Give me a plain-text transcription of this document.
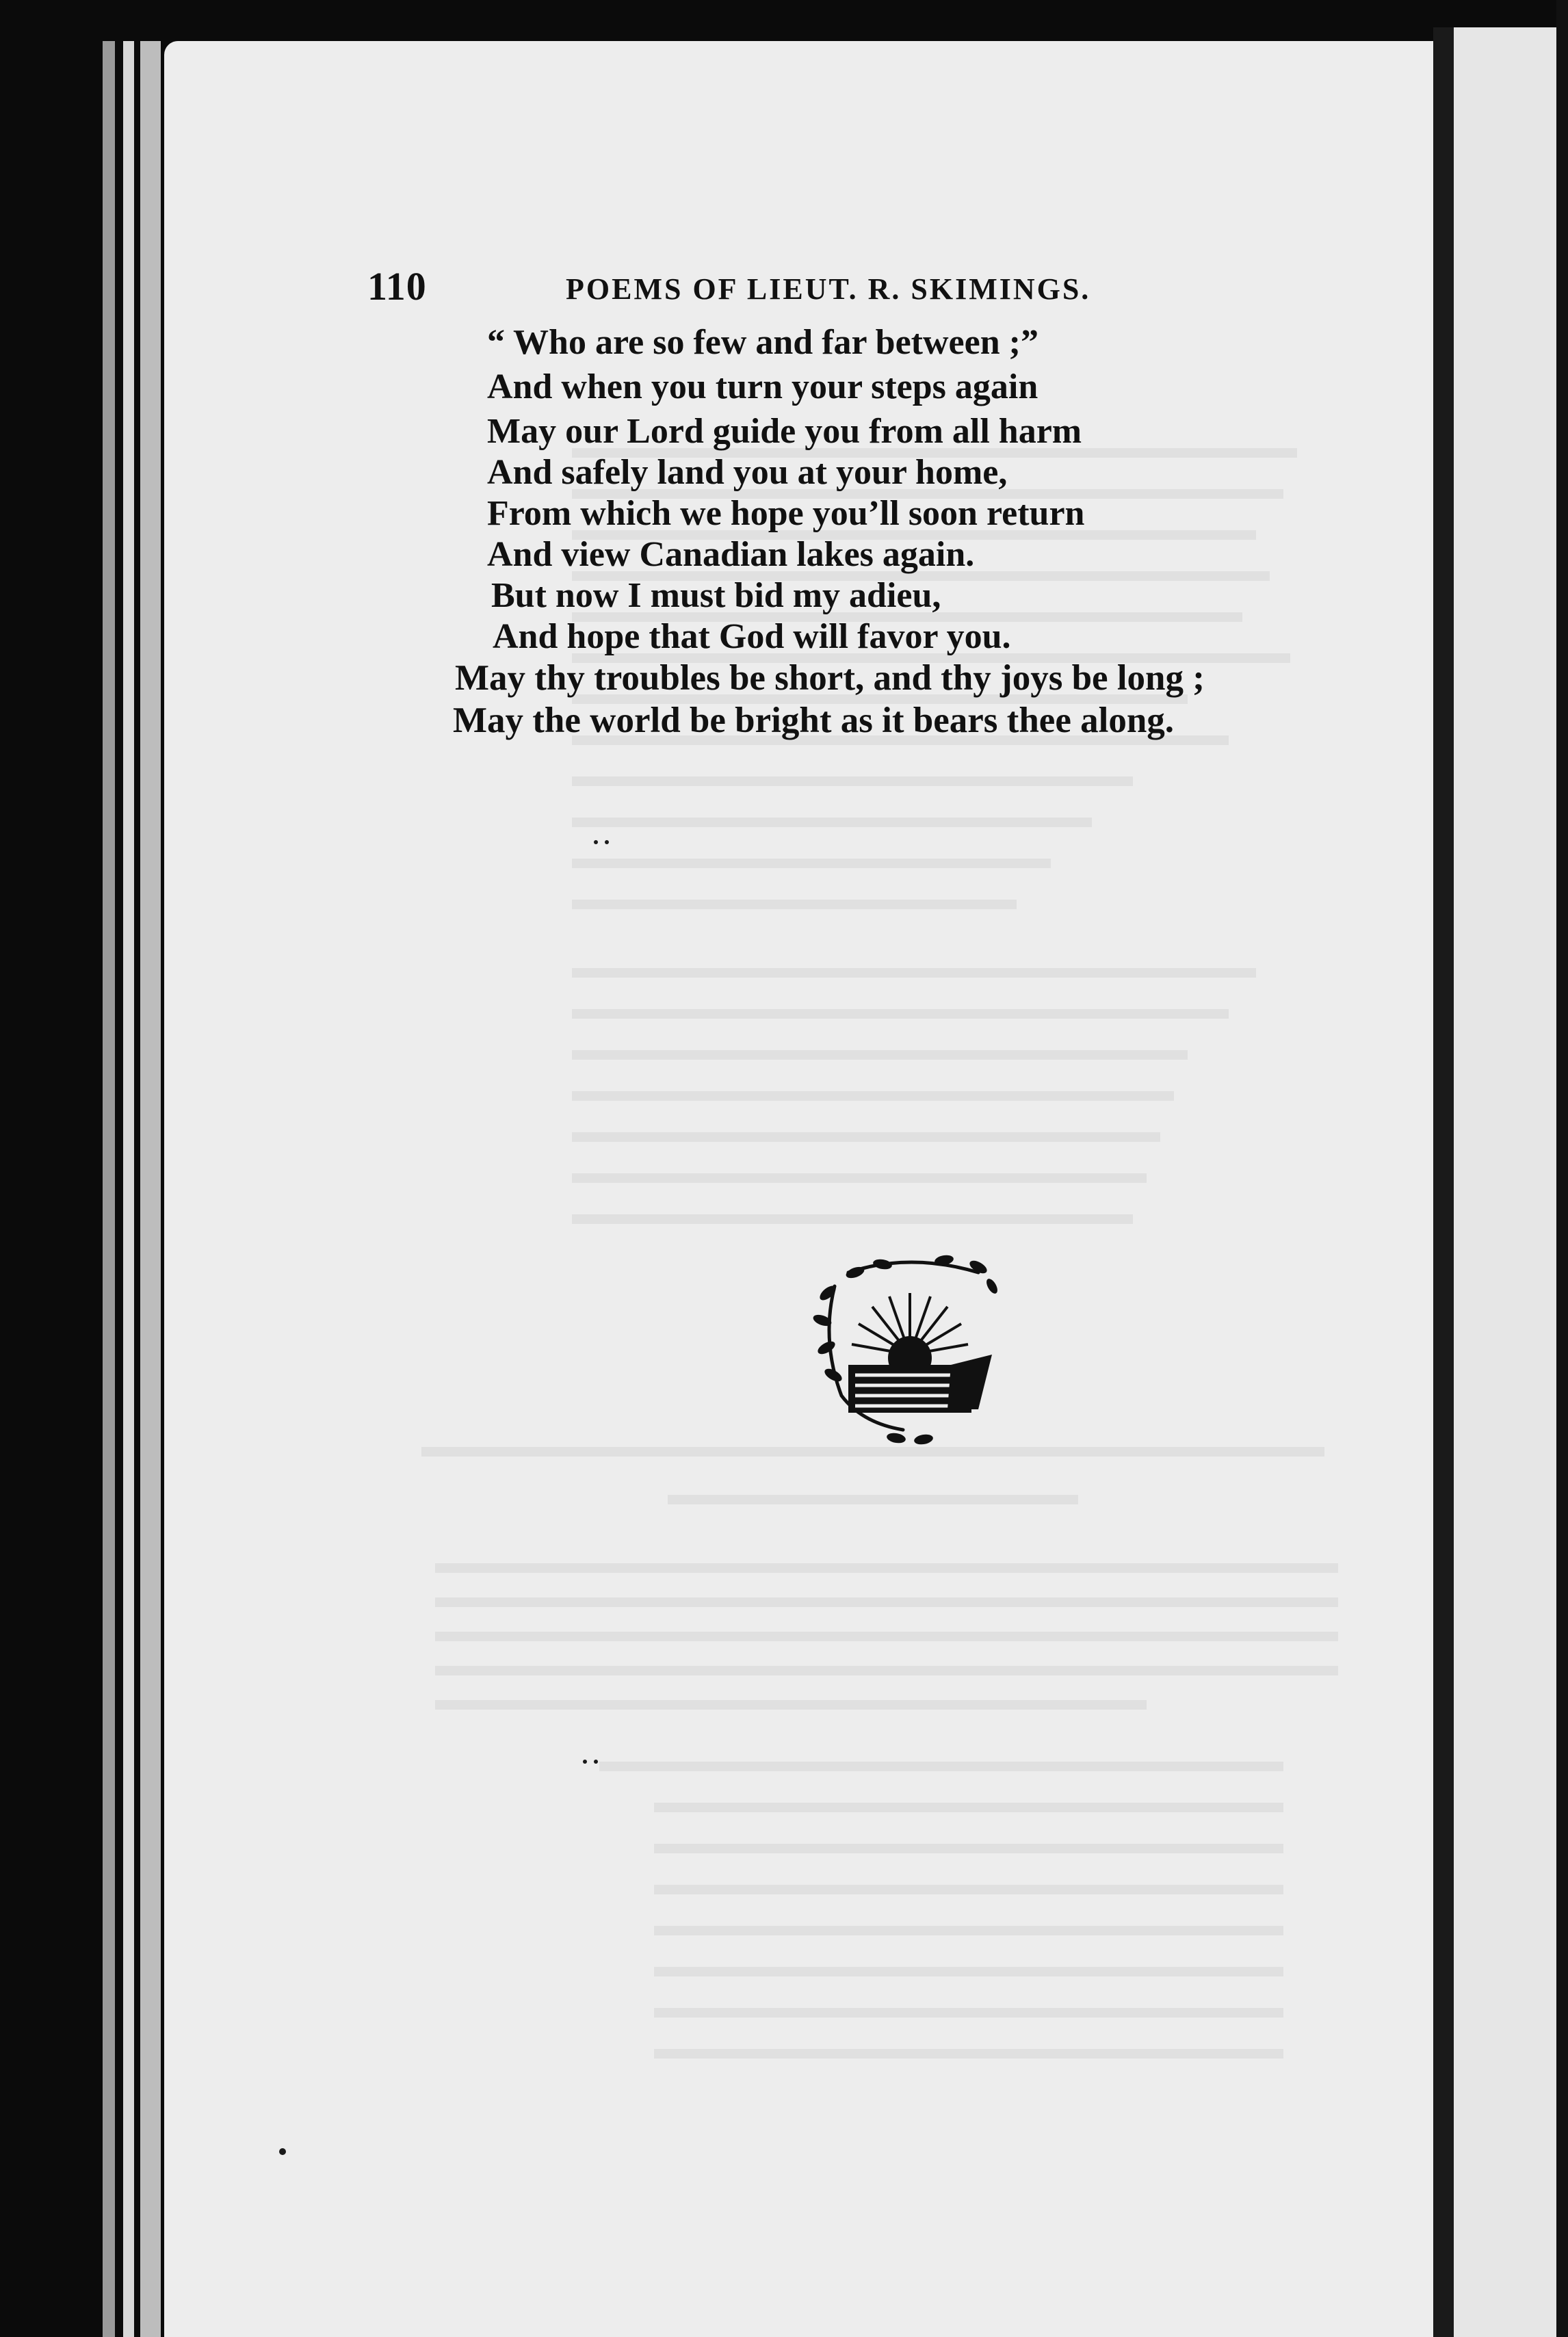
110	POEMS OF LIEUT. R. SKIMINGS.
“ Who are so few and far between ;”
And when you turn your steps again
May our Lord guide you from all harm
And safely land you at your home,
From which we hope you’ll soon return
And view Canadian lakes again.
But now I must bid my adieu,
And hope that God will favor you.
May thy troubles be short, and thy joys be long ;
May the world be bright as it bears thee along.
